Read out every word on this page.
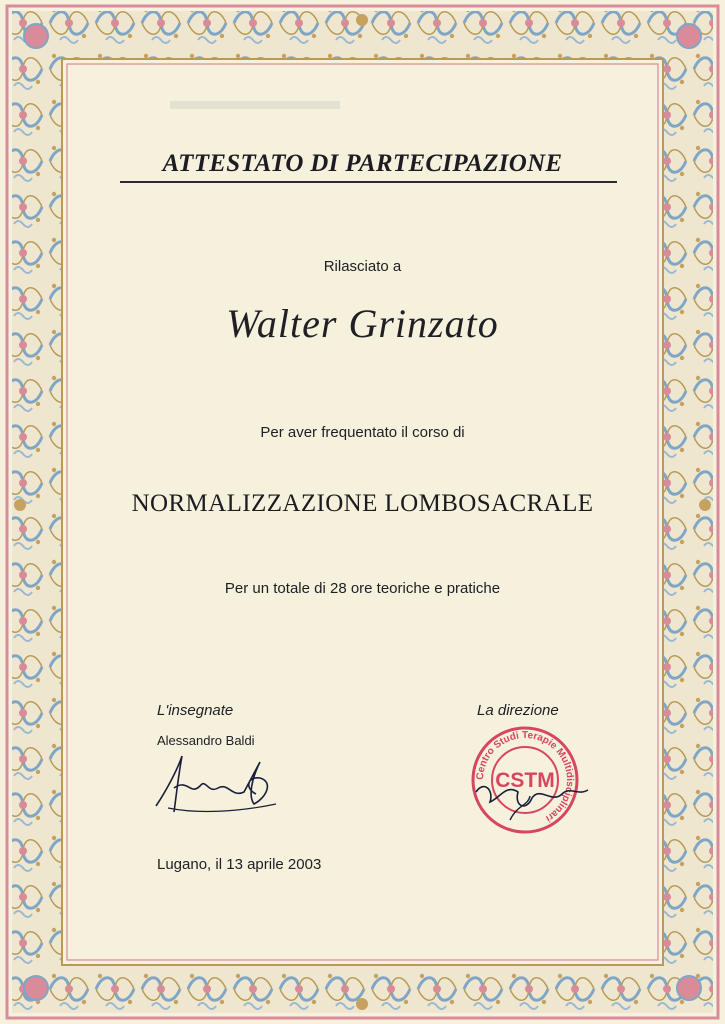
ATTESTATO DI PARTECIPAZIONE
Rilasciato a
Walter Grinzato
Per aver frequentato il corso di
NORMALIZZAZIONE LOMBOSACRALE
Per un totale di 28 ore teoriche e pratiche
L'insegnate
Alessandro Baldi
La direzione
Centro Studi Terapie Multidisciplinari
CSTM
Lugano, il 13 aprile 2003
